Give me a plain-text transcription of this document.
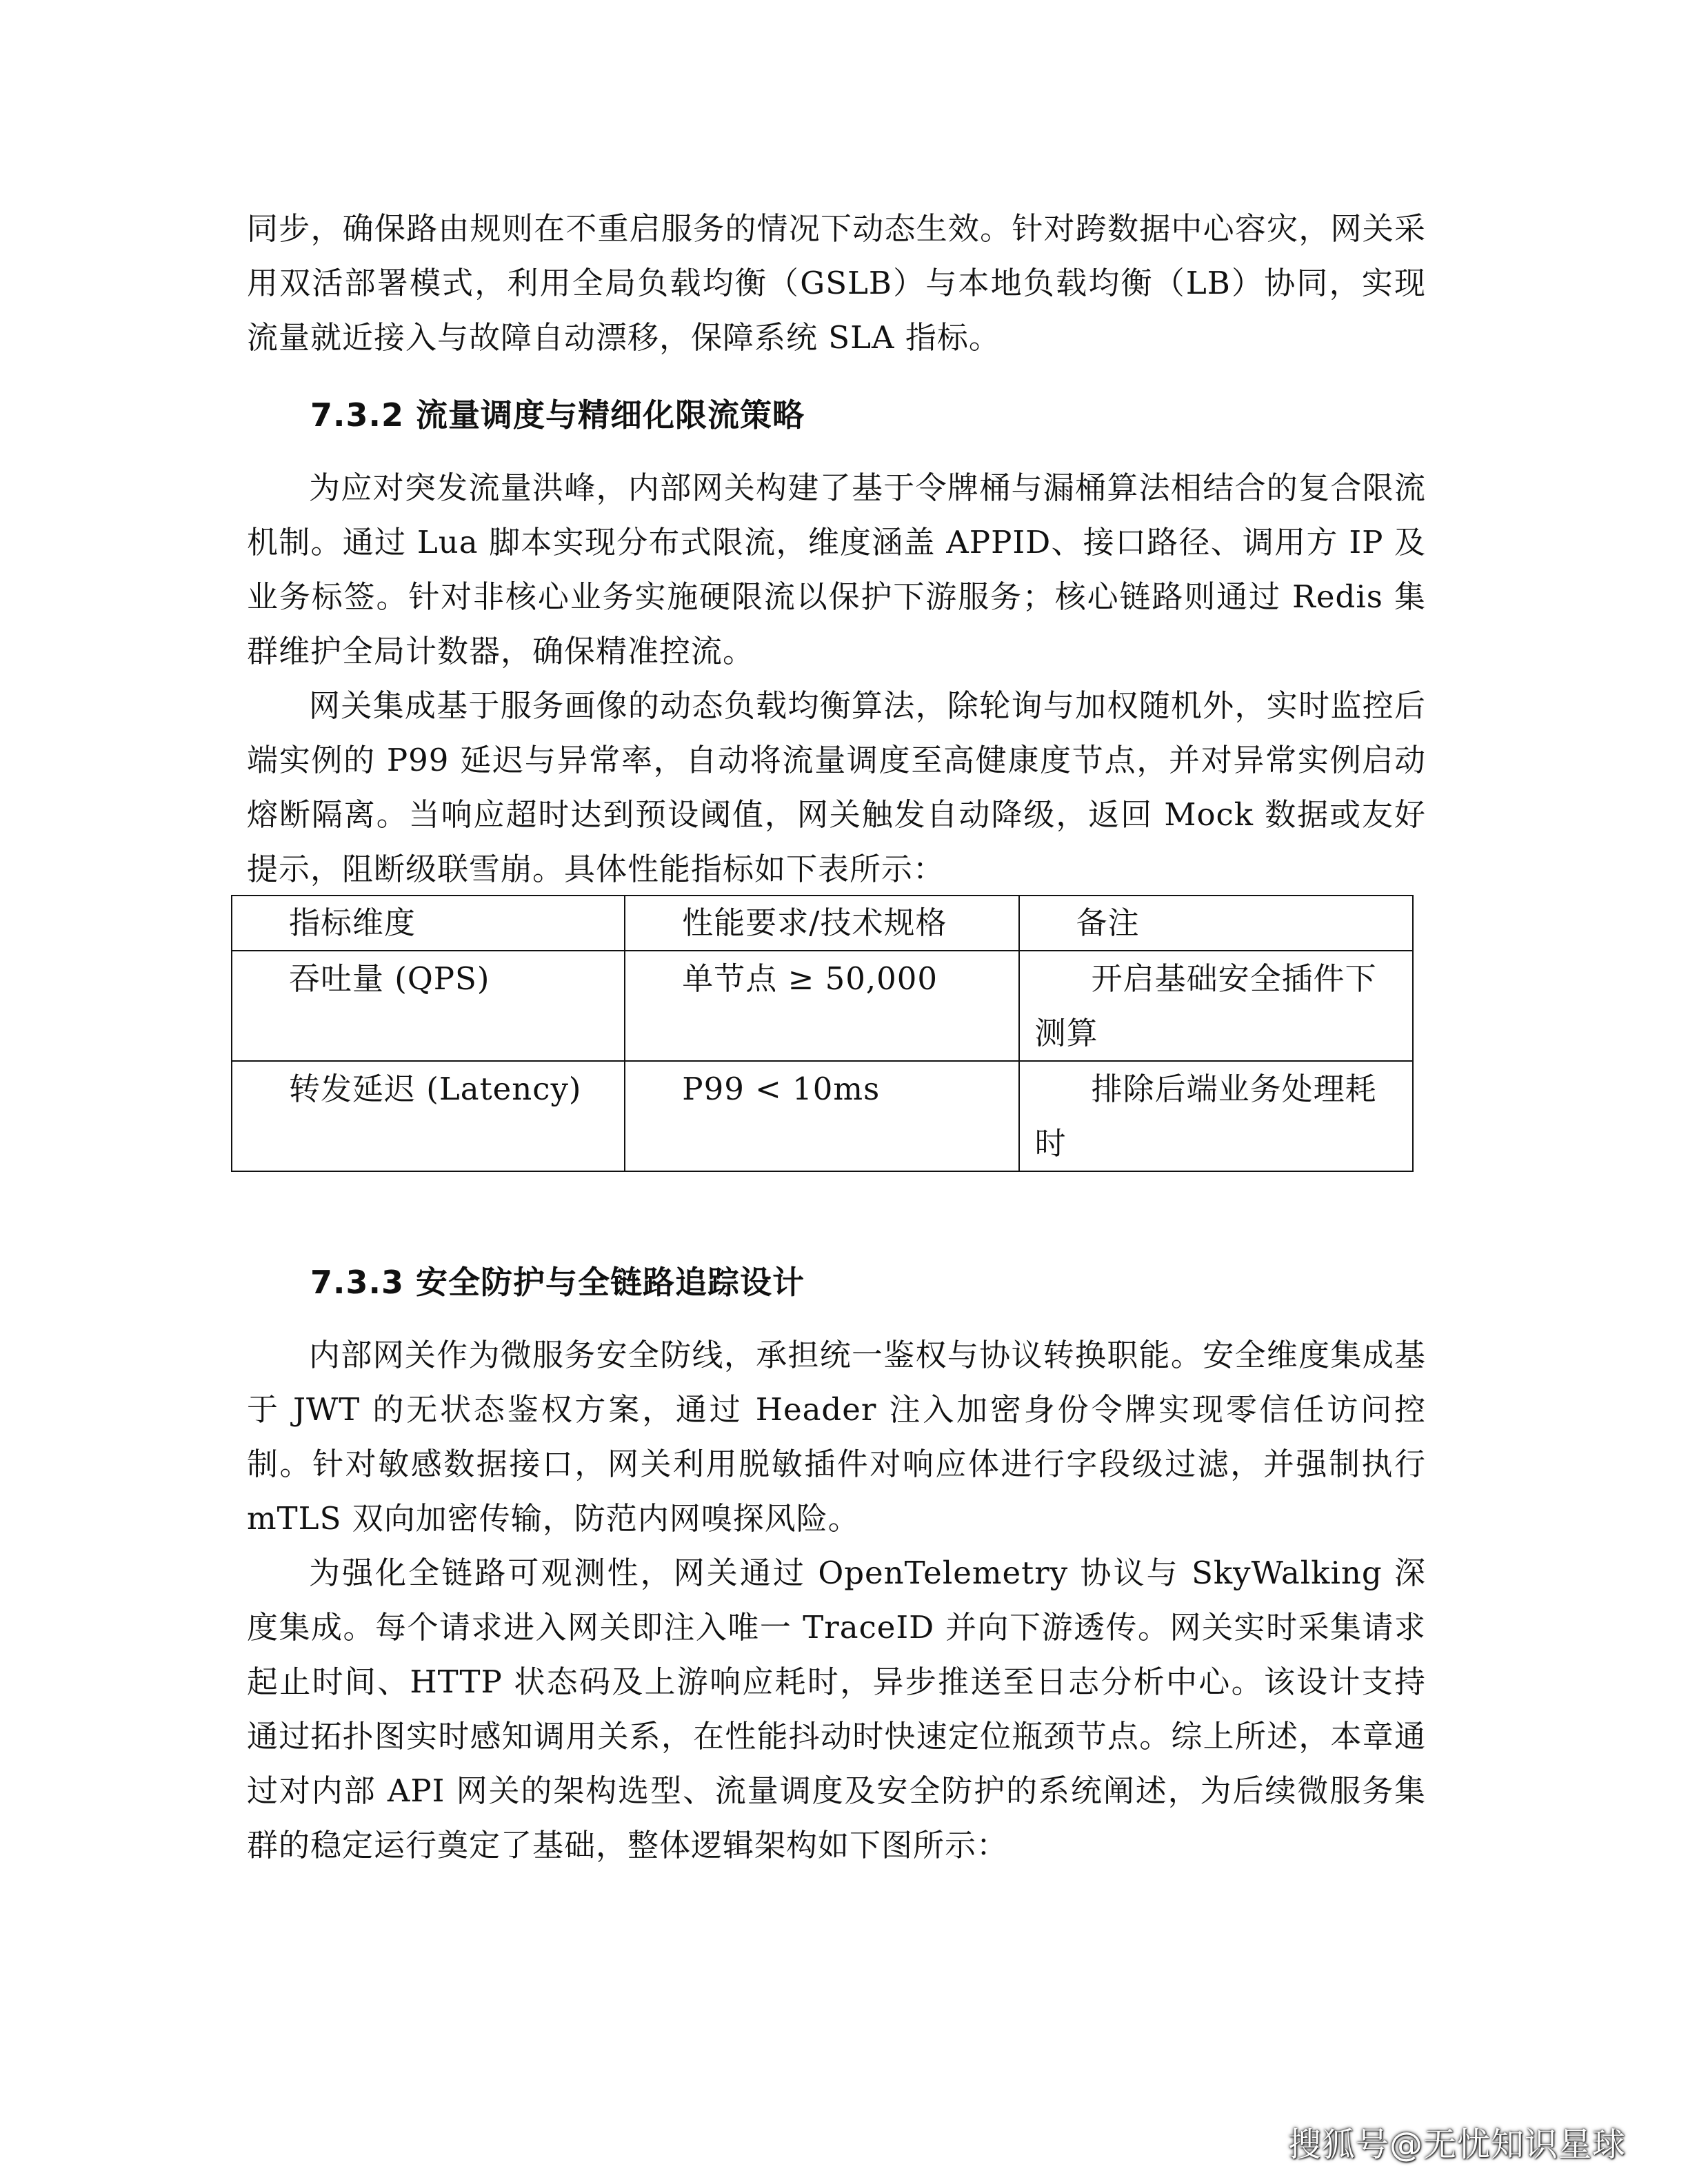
同步，确保路由规则在不重启服务的情况下动态生效。针对跨数据中心容灾，网关采用双活部署模式，利用全局负载均衡（GSLB）与本地负载均衡（LB）协同，实现流量就近接入与故障自动漂移，保障系统 SLA 指标。

7.3.2 流量调度与精细化限流策略

为应对突发流量洪峰，内部网关构建了基于令牌桶与漏桶算法相结合的复合限流机制。通过 Lua 脚本实现分布式限流，维度涵盖 APPID、接口路径、调用方 IP 及业务标签。针对非核心业务实施硬限流以保护下游服务；核心链路则通过 Redis 集群维护全局计数器，确保精准控流。

网关集成基于服务画像的动态负载均衡算法，除轮询与加权随机外，实时监控后端实例的 P99 延迟与异常率，自动将流量调度至高健康度节点，并对异常实例启动熔断隔离。当响应超时达到预设阈值，网关触发自动降级，返回 Mock 数据或友好提示，阻断级联雪崩。具体性能指标如下表所示：

指标维度	性能要求/技术规格	备注

吞吐量 (QPS)	单节点 ≥ 50,000	开启基础安全插件下测算

转发延迟 (Latency)	P99 < 10ms	排除后端业务处理耗时
7.3.3 安全防护与全链路追踪设计

内部网关作为微服务安全防线，承担统一鉴权与协议转换职能。安全维度集成基于 JWT 的无状态鉴权方案，通过 Header 注入加密身份令牌实现零信任访问控制。针对敏感数据接口，网关利用脱敏插件对响应体进行字段级过滤，并强制执行 mTLS 双向加密传输，防范内网嗅探风险。

为强化全链路可观测性，网关通过 OpenTelemetry 协议与 SkyWalking 深度集成。每个请求进入网关即注入唯一 TraceID 并向下游透传。网关实时采集请求起止时间、HTTP 状态码及上游响应耗时，异步推送至日志分析中心。该设计支持通过拓扑图实时感知调用关系，在性能抖动时快速定位瓶颈节点。综上所述，本章通过对内部 API 网关的架构选型、流量调度及安全防护的系统阐述，为后续微服务集群的稳定运行奠定了基础，整体逻辑架构如下图所示：

搜狐号@无忧知识星球
